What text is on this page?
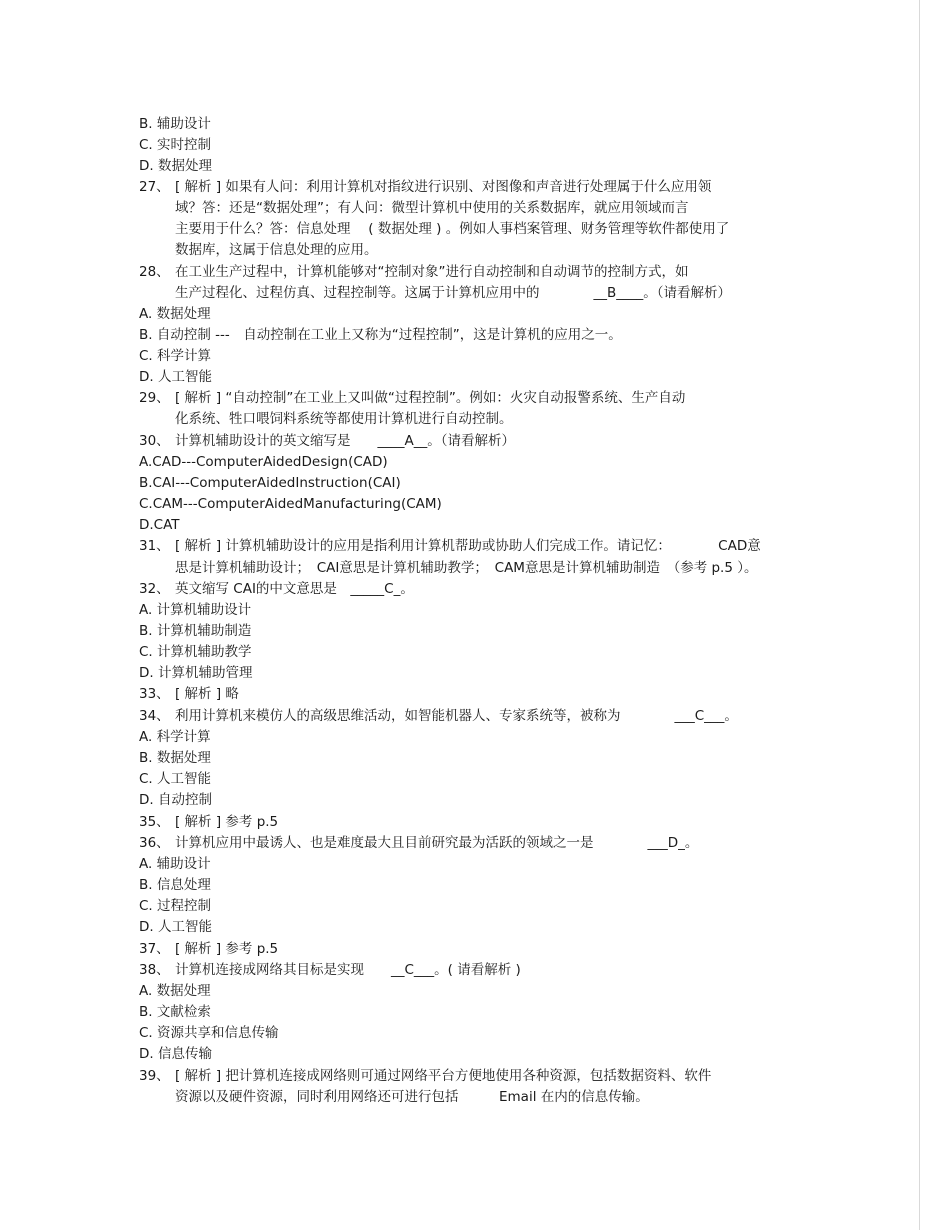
B. 辅助设计
C. 实时控制
D. 数据处理
27、 [ 解析 ] 如果有人问：利用计算机对指纹进行识别、对图像和声音进行处理属于什么应用领
域？答：还是“数据处理”；有人问：微型计算机中使用的关系数据库，就应用领域而言
主要用于什么？答：信息处理　 ( 数据处理 ) 。例如人事档案管理、财务管理等软件都使用了
数据库，这属于信息处理的应用。
28、 在工业生产过程中，计算机能够对“控制对象”进行自动控制和自动调节的控制方式，如
生产过程化、过程仿真、过程控制等。这属于计算机应用中的　　　　__B____。（请看解析）
A. 数据处理
B. 自动控制 ---　自动控制在工业上又称为“过程控制”，这是计算机的应用之一。
C. 科学计算
D. 人工智能
29、 [ 解析 ] “自动控制”在工业上又叫做“过程控制”。例如：火灾自动报警系统、生产自动
化系统、牲口喂饲料系统等都使用计算机进行自动控制。
30、 计算机辅助设计的英文缩写是　　____A__。（请看解析）
A.CAD---ComputerAidedDesign(CAD)
B.CAI---ComputerAidedInstruction(CAI)
C.CAM---ComputerAidedManufacturing(CAM)
D.CAT
31、 [ 解析 ] 计算机辅助设计的应用是指利用计算机帮助或协助人们完成工作。请记忆：　　　　CAD意
思是计算机辅助设计；　CAI意思是计算机辅助教学；　CAM意思是计算机辅助制造　（参考 p.5 ）。
32、 英文缩写 CAI的中文意思是　_____C_。
A. 计算机辅助设计
B. 计算机辅助制造
C. 计算机辅助教学
D. 计算机辅助管理
33、 [ 解析 ] 略
34、 利用计算机来模仿人的高级思维活动，如智能机器人、专家系统等，被称为　　　　___C___。
A. 科学计算
B. 数据处理
C. 人工智能
D. 自动控制
35、 [ 解析 ] 参考 p.5
36、 计算机应用中最诱人、也是难度最大且目前研究最为活跃的领域之一是　　　　___D_。
A. 辅助设计
B. 信息处理
C. 过程控制
D. 人工智能
37、 [ 解析 ] 参考 p.5
38、 计算机连接成网络其目标是实现　　__C___。( 请看解析 )
A. 数据处理
B. 文献检索
C. 资源共享和信息传输
D. 信息传输
39、 [ 解析 ] 把计算机连接成网络则可通过网络平台方便地使用各种资源，包括数据资料、软件
资源以及硬件资源，同时利用网络还可进行包括　　　Email 在内的信息传输。
